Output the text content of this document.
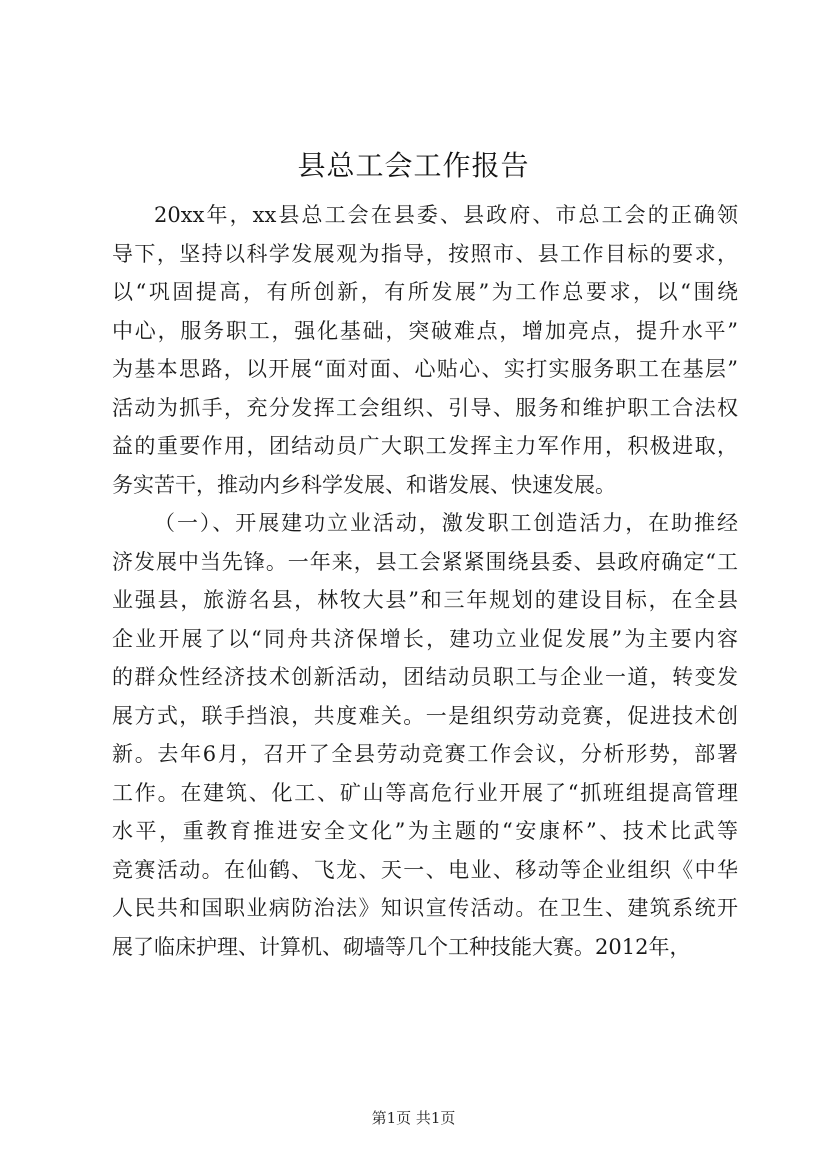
县总工会工作报告
20xx年，xx县总工会在县委、县政府、市总工会的正确领
导下，坚持以科学发展观为指导，按照市、县工作目标的要求，
以“巩固提高，有所创新，有所发展”为工作总要求，以“围绕
中心，服务职工，强化基础，突破难点，增加亮点，提升水平”
为基本思路，以开展“面对面、心贴心、实打实服务职工在基层”
活动为抓手，充分发挥工会组织、引导、服务和维护职工合法权
益的重要作用，团结动员广大职工发挥主力军作用，积极进取，
务实苦干，推动内乡科学发展、和谐发展、快速发展。
（一）、开展建功立业活动，激发职工创造活力，在助推经
济发展中当先锋。一年来，县工会紧紧围绕县委、县政府确定“工
业强县，旅游名县，林牧大县”和三年规划的建设目标，在全县
企业开展了以“同舟共济保增长，建功立业促发展”为主要内容
的群众性经济技术创新活动，团结动员职工与企业一道，转变发
展方式，联手挡浪，共度难关。一是组织劳动竞赛，促进技术创
新。去年6月，召开了全县劳动竞赛工作会议，分析形势，部署
工作。在建筑、化工、矿山等高危行业开展了“抓班组提高管理
水平，重教育推进安全文化”为主题的“安康杯”、技术比武等
竞赛活动。在仙鹤、飞龙、天一、电业、移动等企业组织《中华
人民共和国职业病防治法》知识宣传活动。在卫生、建筑系统开
展了临床护理、计算机、砌墙等几个工种技能大赛。2012年，
第1页 共1页
